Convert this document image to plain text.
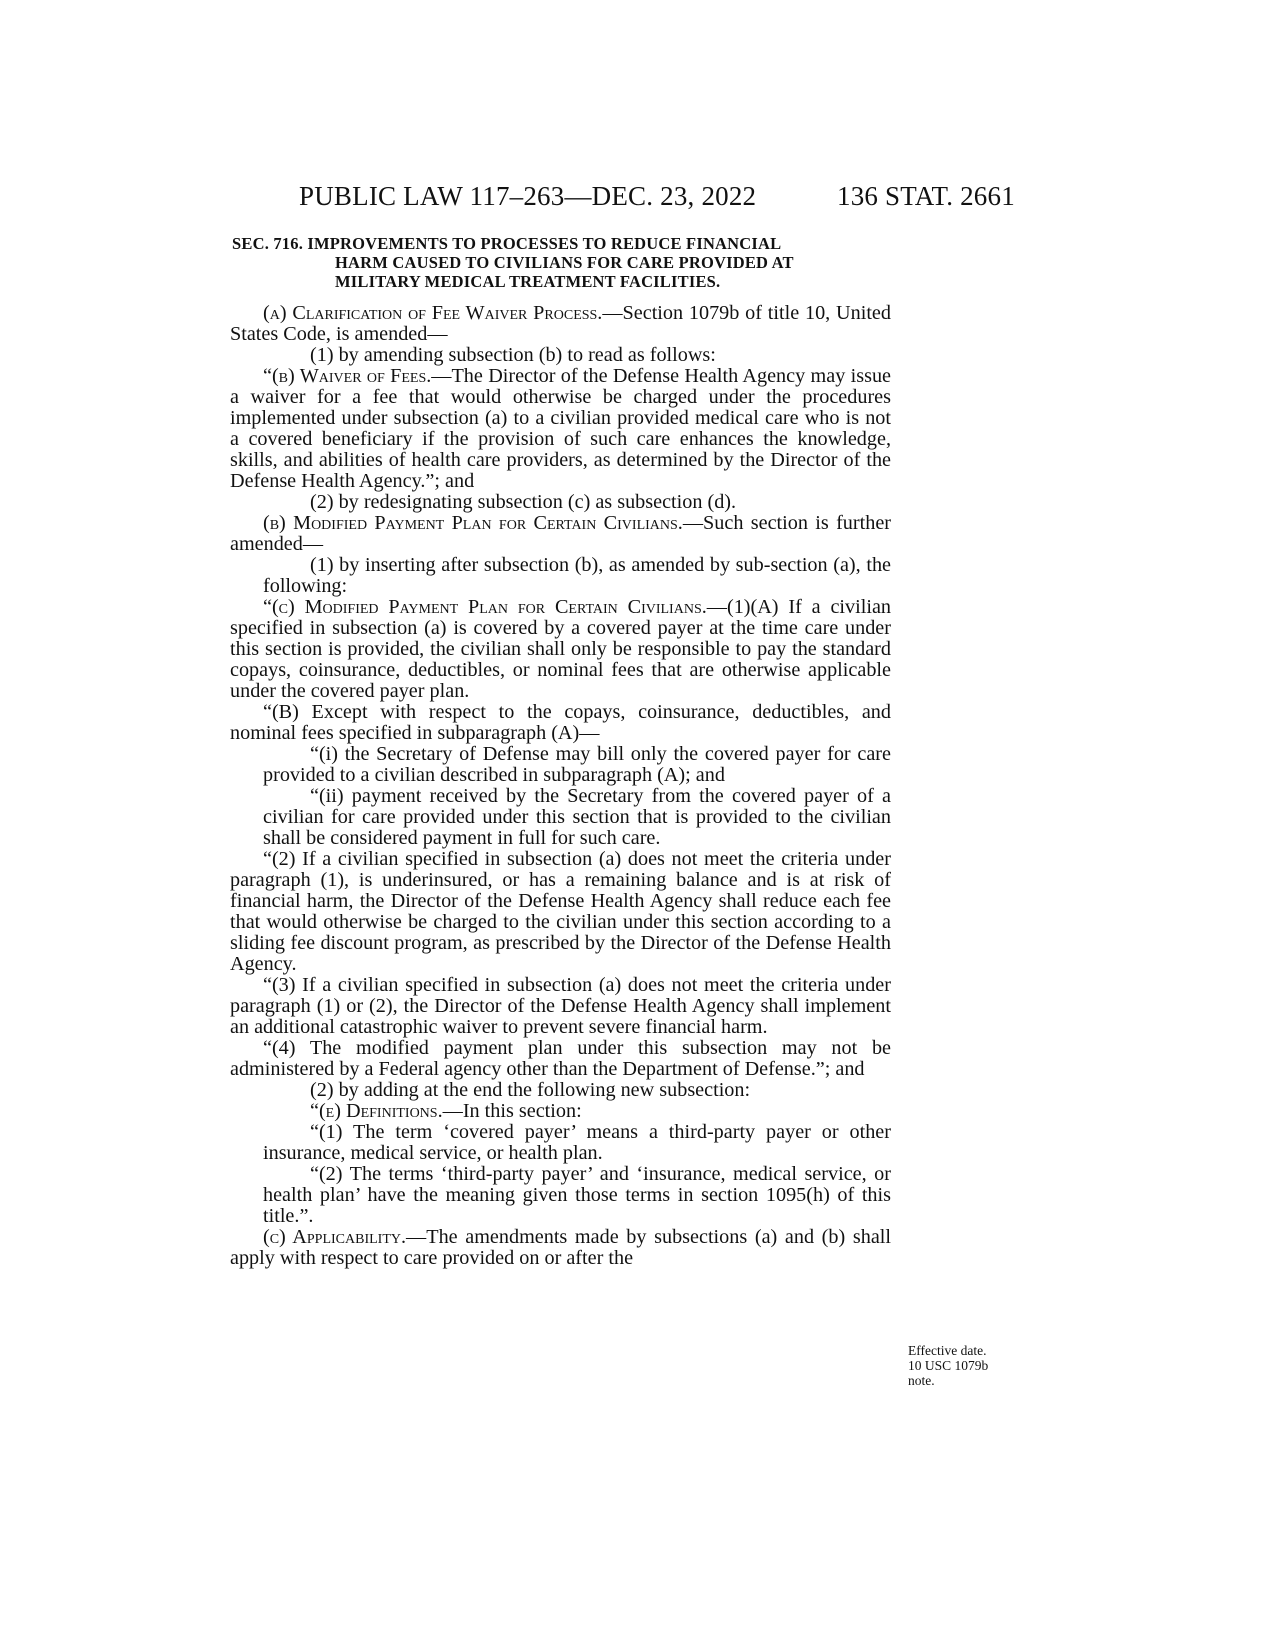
PUBLIC LAW 117–263—DEC. 23, 2022	136 STAT. 2661
SEC. 716. IMPROVEMENTS TO PROCESSES TO REDUCE FINANCIAL
HARM CAUSED TO CIVILIANS FOR CARE PROVIDED AT
MILITARY MEDICAL TREATMENT FACILITIES.

(a) Clarification of Fee Waiver Process.—Section 1079b of title 10, United States Code, is amended—

(1) by amending subsection (b) to read as follows:

“(b) Waiver of Fees.—The Director of the Defense Health Agency may issue a waiver for a fee that would otherwise be charged under the procedures implemented under subsection (a) to a civilian provided medical care who is not a covered beneficiary if the provision of such care enhances the knowledge, skills, and abilities of health care providers, as determined by the Director of the Defense Health Agency.”; and

(2) by redesignating subsection (c) as subsection (d).

(b) Modified Payment Plan for Certain Civilians.—Such section is further amended—

(1) by inserting after subsection (b), as amended by sub-section (a), the following:

“(c) Modified Payment Plan for Certain Civilians.—(1)(A) If a civilian specified in subsection (a) is covered by a covered payer at the time care under this section is provided, the civilian shall only be responsible to pay the standard copays, coinsurance, deductibles, or nominal fees that are otherwise applicable under the covered payer plan.

“(B) Except with respect to the copays, coinsurance, deductibles, and nominal fees specified in subparagraph (A)—

“(i) the Secretary of Defense may bill only the covered payer for care provided to a civilian described in subparagraph (A); and

“(ii) payment received by the Secretary from the covered payer of a civilian for care provided under this section that is provided to the civilian shall be considered payment in full for such care.

“(2) If a civilian specified in subsection (a) does not meet the criteria under paragraph (1), is underinsured, or has a remaining balance and is at risk of financial harm, the Director of the Defense Health Agency shall reduce each fee that would otherwise be charged to the civilian under this section according to a sliding fee discount program, as prescribed by the Director of the Defense Health Agency.

“(3) If a civilian specified in subsection (a) does not meet the criteria under paragraph (1) or (2), the Director of the Defense Health Agency shall implement an additional catastrophic waiver to prevent severe financial harm.

“(4) The modified payment plan under this subsection may not be administered by a Federal agency other than the Department of Defense.”; and

(2) by adding at the end the following new subsection:

“(e) Definitions.—In this section:

“(1) The term ‘covered payer’ means a third-party payer or other insurance, medical service, or health plan.

“(2) The terms ‘third-party payer’ and ‘insurance, medical service, or health plan’ have the meaning given those terms in section 1095(h) of this title.”.

(c) Applicability.—The amendments made by subsections (a) and (b) shall apply with respect to care provided on or after the

Effective date.
10 USC 1079b
note.
